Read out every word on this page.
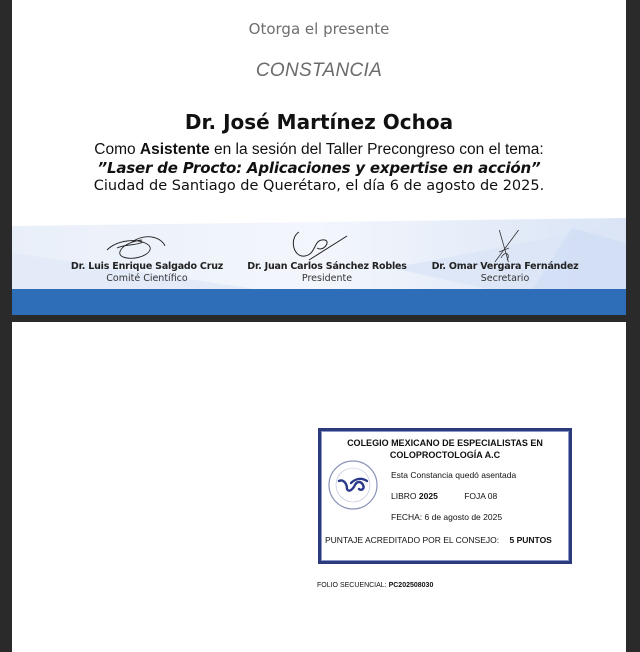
Otorga el presente
CONSTANCIA
Dr. José Martínez Ochoa
Como Asistente en la sesión del Taller Precongreso con el tema:
”Laser de Procto: Aplicaciones y expertise en acción”
Ciudad de Santiago de Querétaro, el día 6 de agosto de 2025.
Dr. Luis Enrique Salgado Cruz
Comité Científico
Dr. Juan Carlos Sánchez Robles
Presidente
Dr. Omar Vergara Fernández
Secretario
COLEGIO MEXICANO DE ESPECIALISTAS EN
COLOPROCTOLOGÍA A.C
Esta Constancia quedó asentada
LIBRO 2025	FOJA 08
FECHA: 6 de agosto de 2025
PUNTAJE ACREDITADO POR EL CONSEJO: 5 PUNTOS
FOLIO SECUENCIAL: PC202508030
